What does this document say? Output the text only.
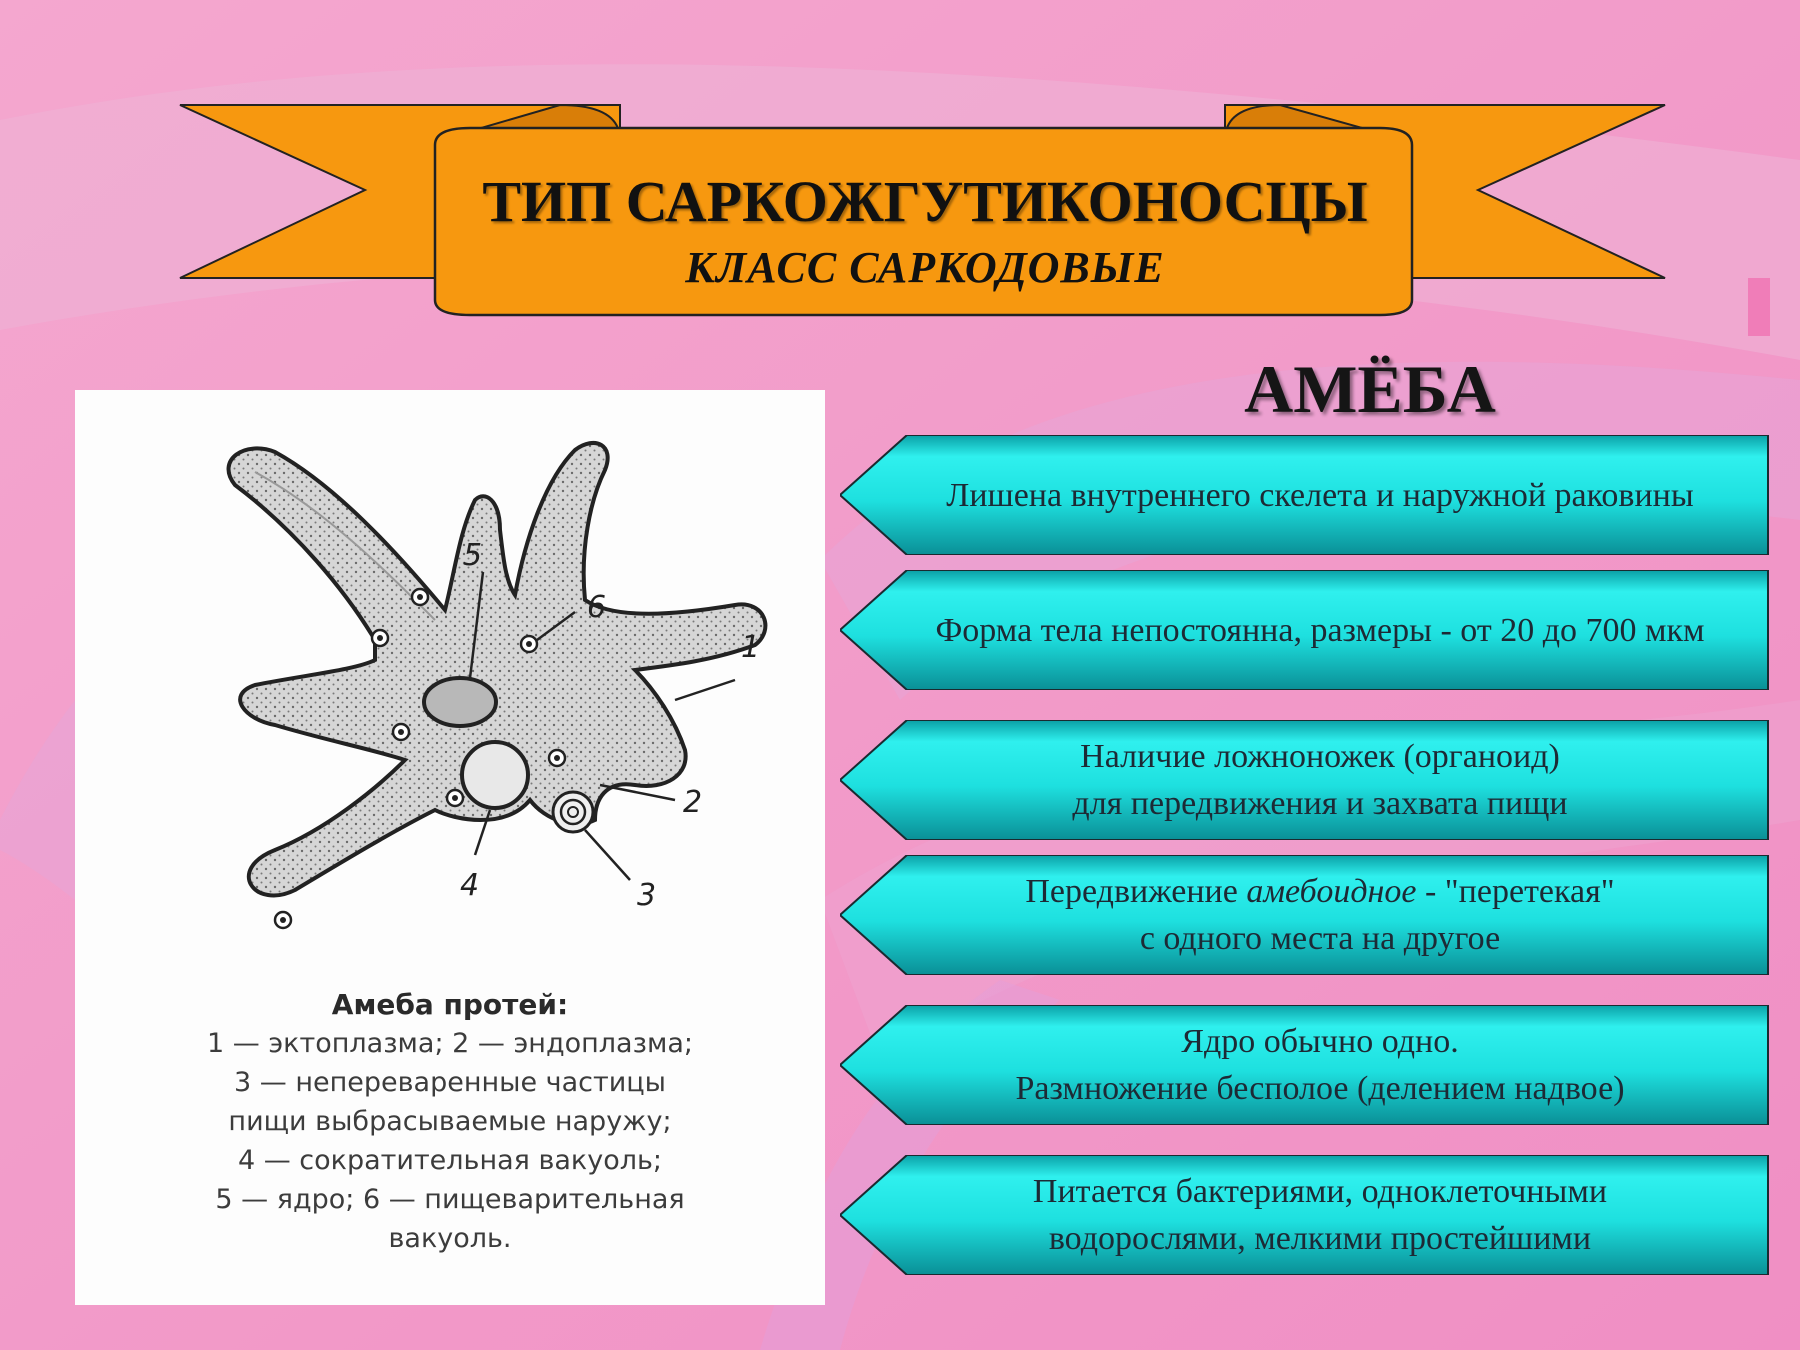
ТИП САРКОЖГУТИКОНОСЦЫ
КЛАСС САРКОДОВЫЕ
АМЁБА
5
6
1
2
3
4
Амеба протей:
1 — эктоплазма; 2 — эндоплазма;
3 — непереваренные частицы
пищи выбрасываемые наружу;
4 — сократительная вакуоль;
5 — ядро; 6 — пищеварительная
вакуоль.
Лишена внутреннего скелета и наружной раковины
Форма тела непостоянна, размеры - от 20 до 700 мкм
Наличие ложноножек (органоид)
для передвижения и захвата пищи
Передвижение амебоидное - "перетекая"
с одного места на другое
Ядро обычно одно.
Размножение бесполое (делением надвое)
Питается бактериями, одноклеточными
водорослями, мелкими простейшими
